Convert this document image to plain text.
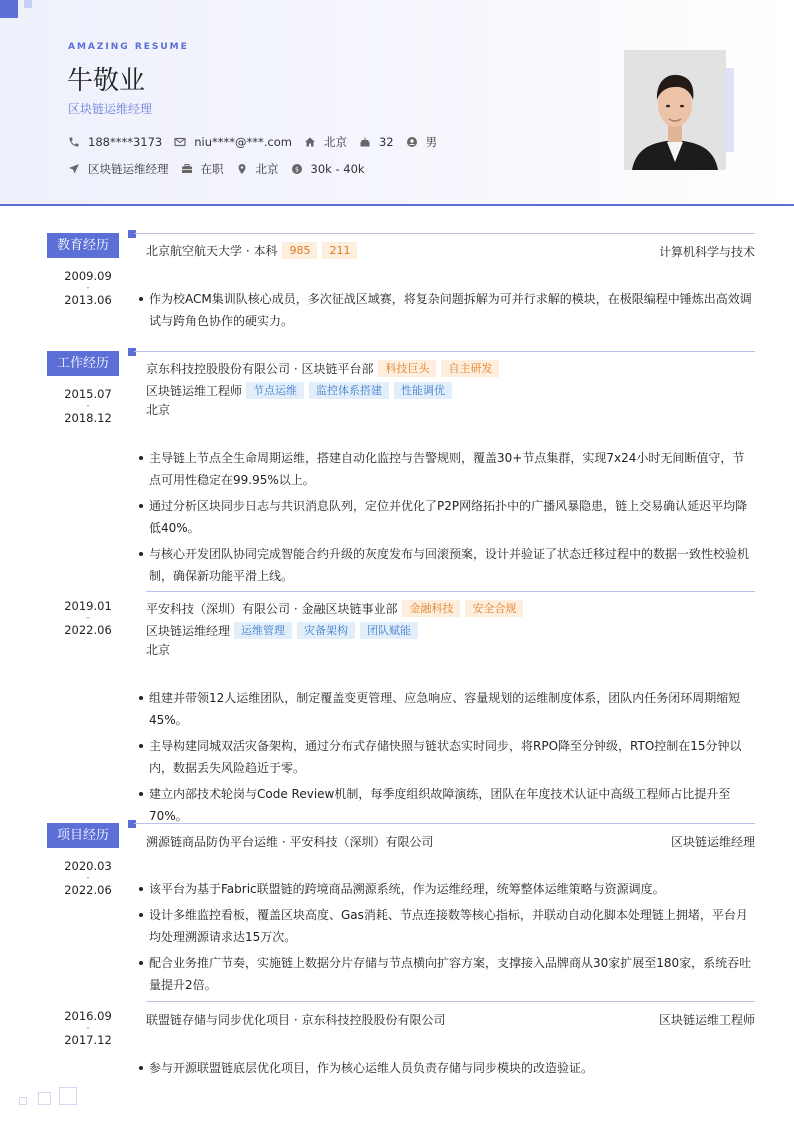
AMAZING RESUME
牛敬业
区块链运维经理
188****3173	niu****@***.com	北京	32	男
区块链运维经理	在职	北京 $ 30k - 40k
教育经历
2009.09
-
2013.06
北京航空航天大学 · 本科	985	211	计算机科学与技术
作为校ACM集训队核心成员，多次征战区域赛，将复杂问题拆解为可并行求解的模块，在极限编程中锤炼出高效调试与跨角色协作的硬实力。
工作经历
2015.07
-
2018.12
京东科技控股股份有限公司 · 区块链平台部	科技巨头	自主研发
区块链运维工程师	节点运维	监控体系搭建	性能调优
北京
主导链上节点全生命周期运维，搭建自动化监控与告警规则，覆盖30+节点集群，实现7x24小时无间断值守，节点可用性稳定在99.95%以上。
通过分析区块同步日志与共识消息队列，定位并优化了P2P网络拓扑中的广播风暴隐患，链上交易确认延迟平均降低40%。
与核心开发团队协同完成智能合约升级的灰度发布与回滚预案，设计并验证了状态迁移过程中的数据一致性校验机制，确保新功能平滑上线。
2019.01
-
2022.06
平安科技（深圳）有限公司 · 金融区块链事业部	金融科技	安全合规
区块链运维经理	运维管理	灾备架构	团队赋能
北京
组建并带领12人运维团队，制定覆盖变更管理、应急响应、容量规划的运维制度体系，团队内任务闭环周期缩短45%。
主导构建同城双活灾备架构，通过分布式存储快照与链状态实时同步，将RPO降至分钟级，RTO控制在15分钟以内，数据丢失风险趋近于零。
建立内部技术轮岗与Code Review机制，每季度组织故障演练，团队在年度技术认证中高级工程师占比提升至70%。
项目经历
2020.03
-
2022.06
溯源链商品防伪平台运维 · 平安科技（深圳）有限公司	区块链运维经理
该平台为基于Fabric联盟链的跨境商品溯源系统，作为运维经理，统筹整体运维策略与资源调度。
设计多维监控看板，覆盖区块高度、Gas消耗、节点连接数等核心指标，并联动自动化脚本处理链上拥堵，平台月均处理溯源请求达15万次。
配合业务推广节奏，实施链上数据分片存储与节点横向扩容方案，支撑接入品牌商从30家扩展至180家，系统吞吐量提升2倍。
2016.09
-
2017.12
联盟链存储与同步优化项目 · 京东科技控股股份有限公司	区块链运维工程师
参与开源联盟链底层优化项目，作为核心运维人员负责存储与同步模块的改造验证。
